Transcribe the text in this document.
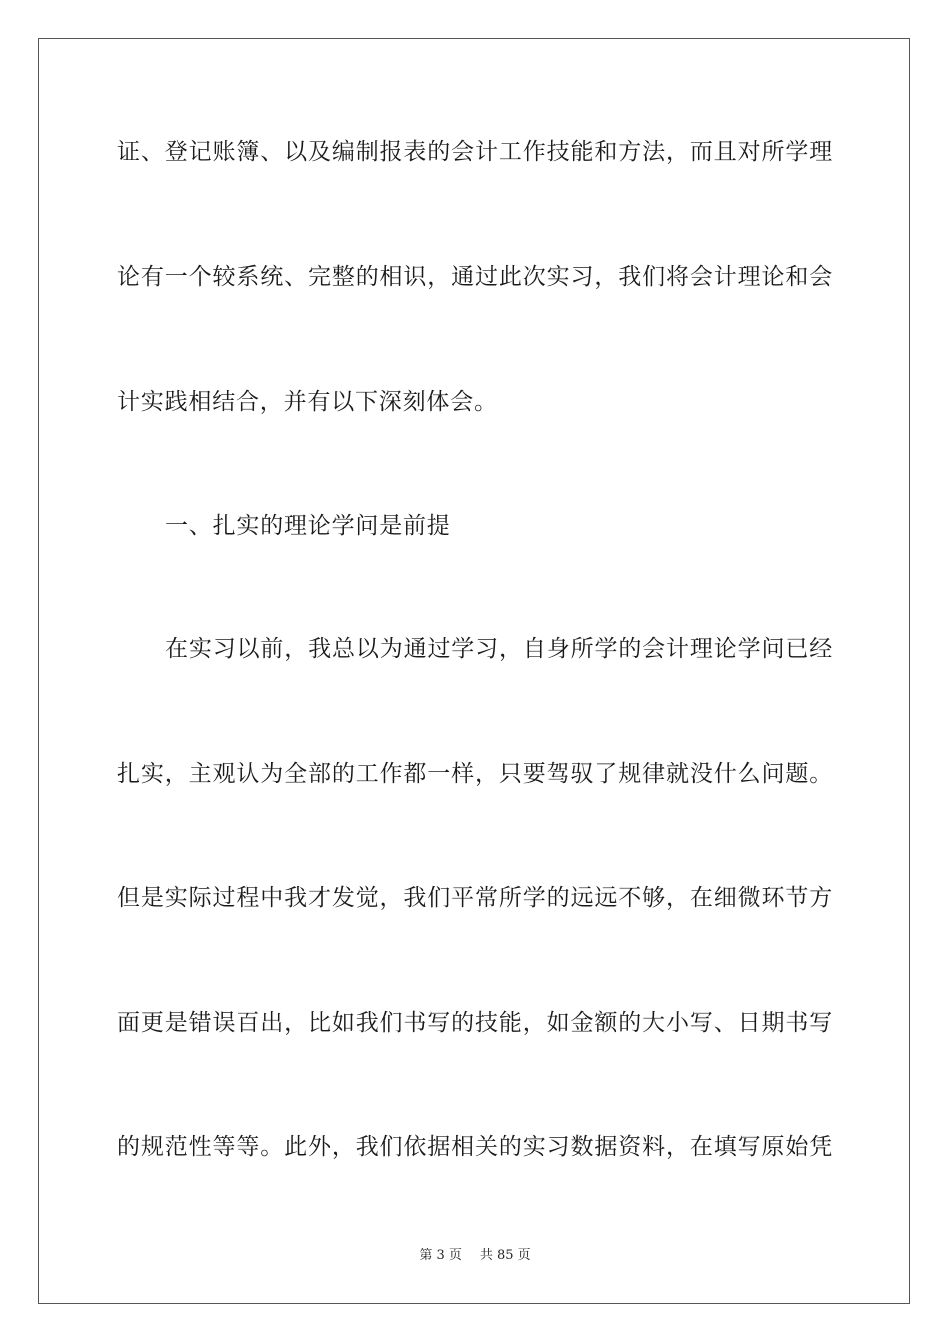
证、登记账簿、以及编制报表的会计工作技能和方法，而且对所学理
论有一个较系统、完整的相识，通过此次实习，我们将会计理论和会
计实践相结合，并有以下深刻体会。
一、扎实的理论学问是前提
在实习以前，我总以为通过学习，自身所学的会计理论学问已经
扎实，主观认为全部的工作都一样，只要驾驭了规律就没什么问题。
但是实际过程中我才发觉，我们平常所学的远远不够，在细微环节方
面更是错误百出，比如我们书写的技能，如金额的大小写、日期书写
的规范性等等。此外，我们依据相关的实习数据资料，在填写原始凭
第 3 页 共 85 页
